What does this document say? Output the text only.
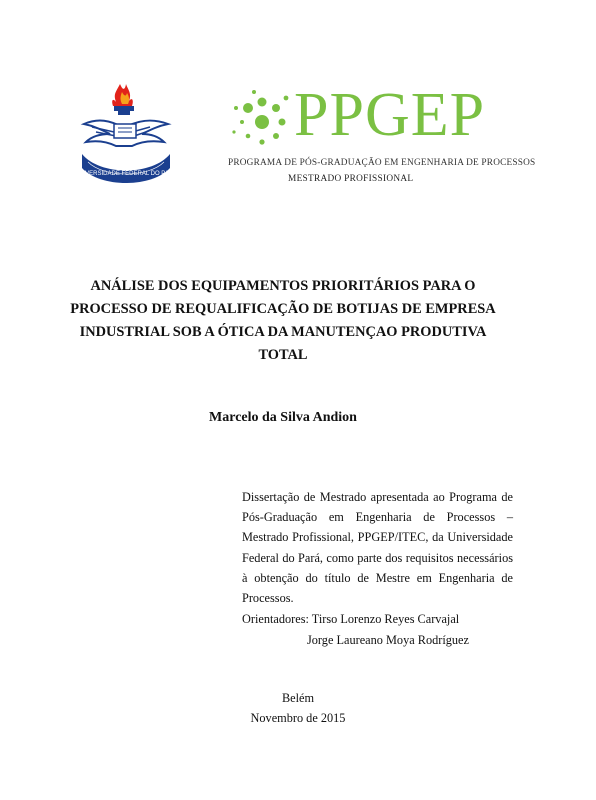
UNIVERSIDADE FEDERAL DO PARÁ
PPGEP
PROGRAMA DE PÓS-GRADUAÇÃO EM ENGENHARIA DE PROCESSOS
MESTRADO PROFISSIONAL
ANÁLISE DOS EQUIPAMENTOS PRIORITÁRIOS PARA O
PROCESSO DE REQUALIFICAÇÃO DE BOTIJAS DE EMPRESA
INDUSTRIAL SOB A ÓTICA DA MANUTENÇAO PRODUTIVA
TOTAL
Marcelo da Silva Andion
Dissertação de Mestrado apresentada ao Programa de Pós-Graduação em Engenharia de Processos – Mestrado Profissional, PPGEP/ITEC, da Universidade Federal do Pará, como parte dos requisitos necessários à obtenção do título de Mestre em Engenharia de Processos.
Orientadores: Tirso Lorenzo Reyes Carvajal
Jorge Laureano Moya Rodríguez
Belém
Novembro de 2015
